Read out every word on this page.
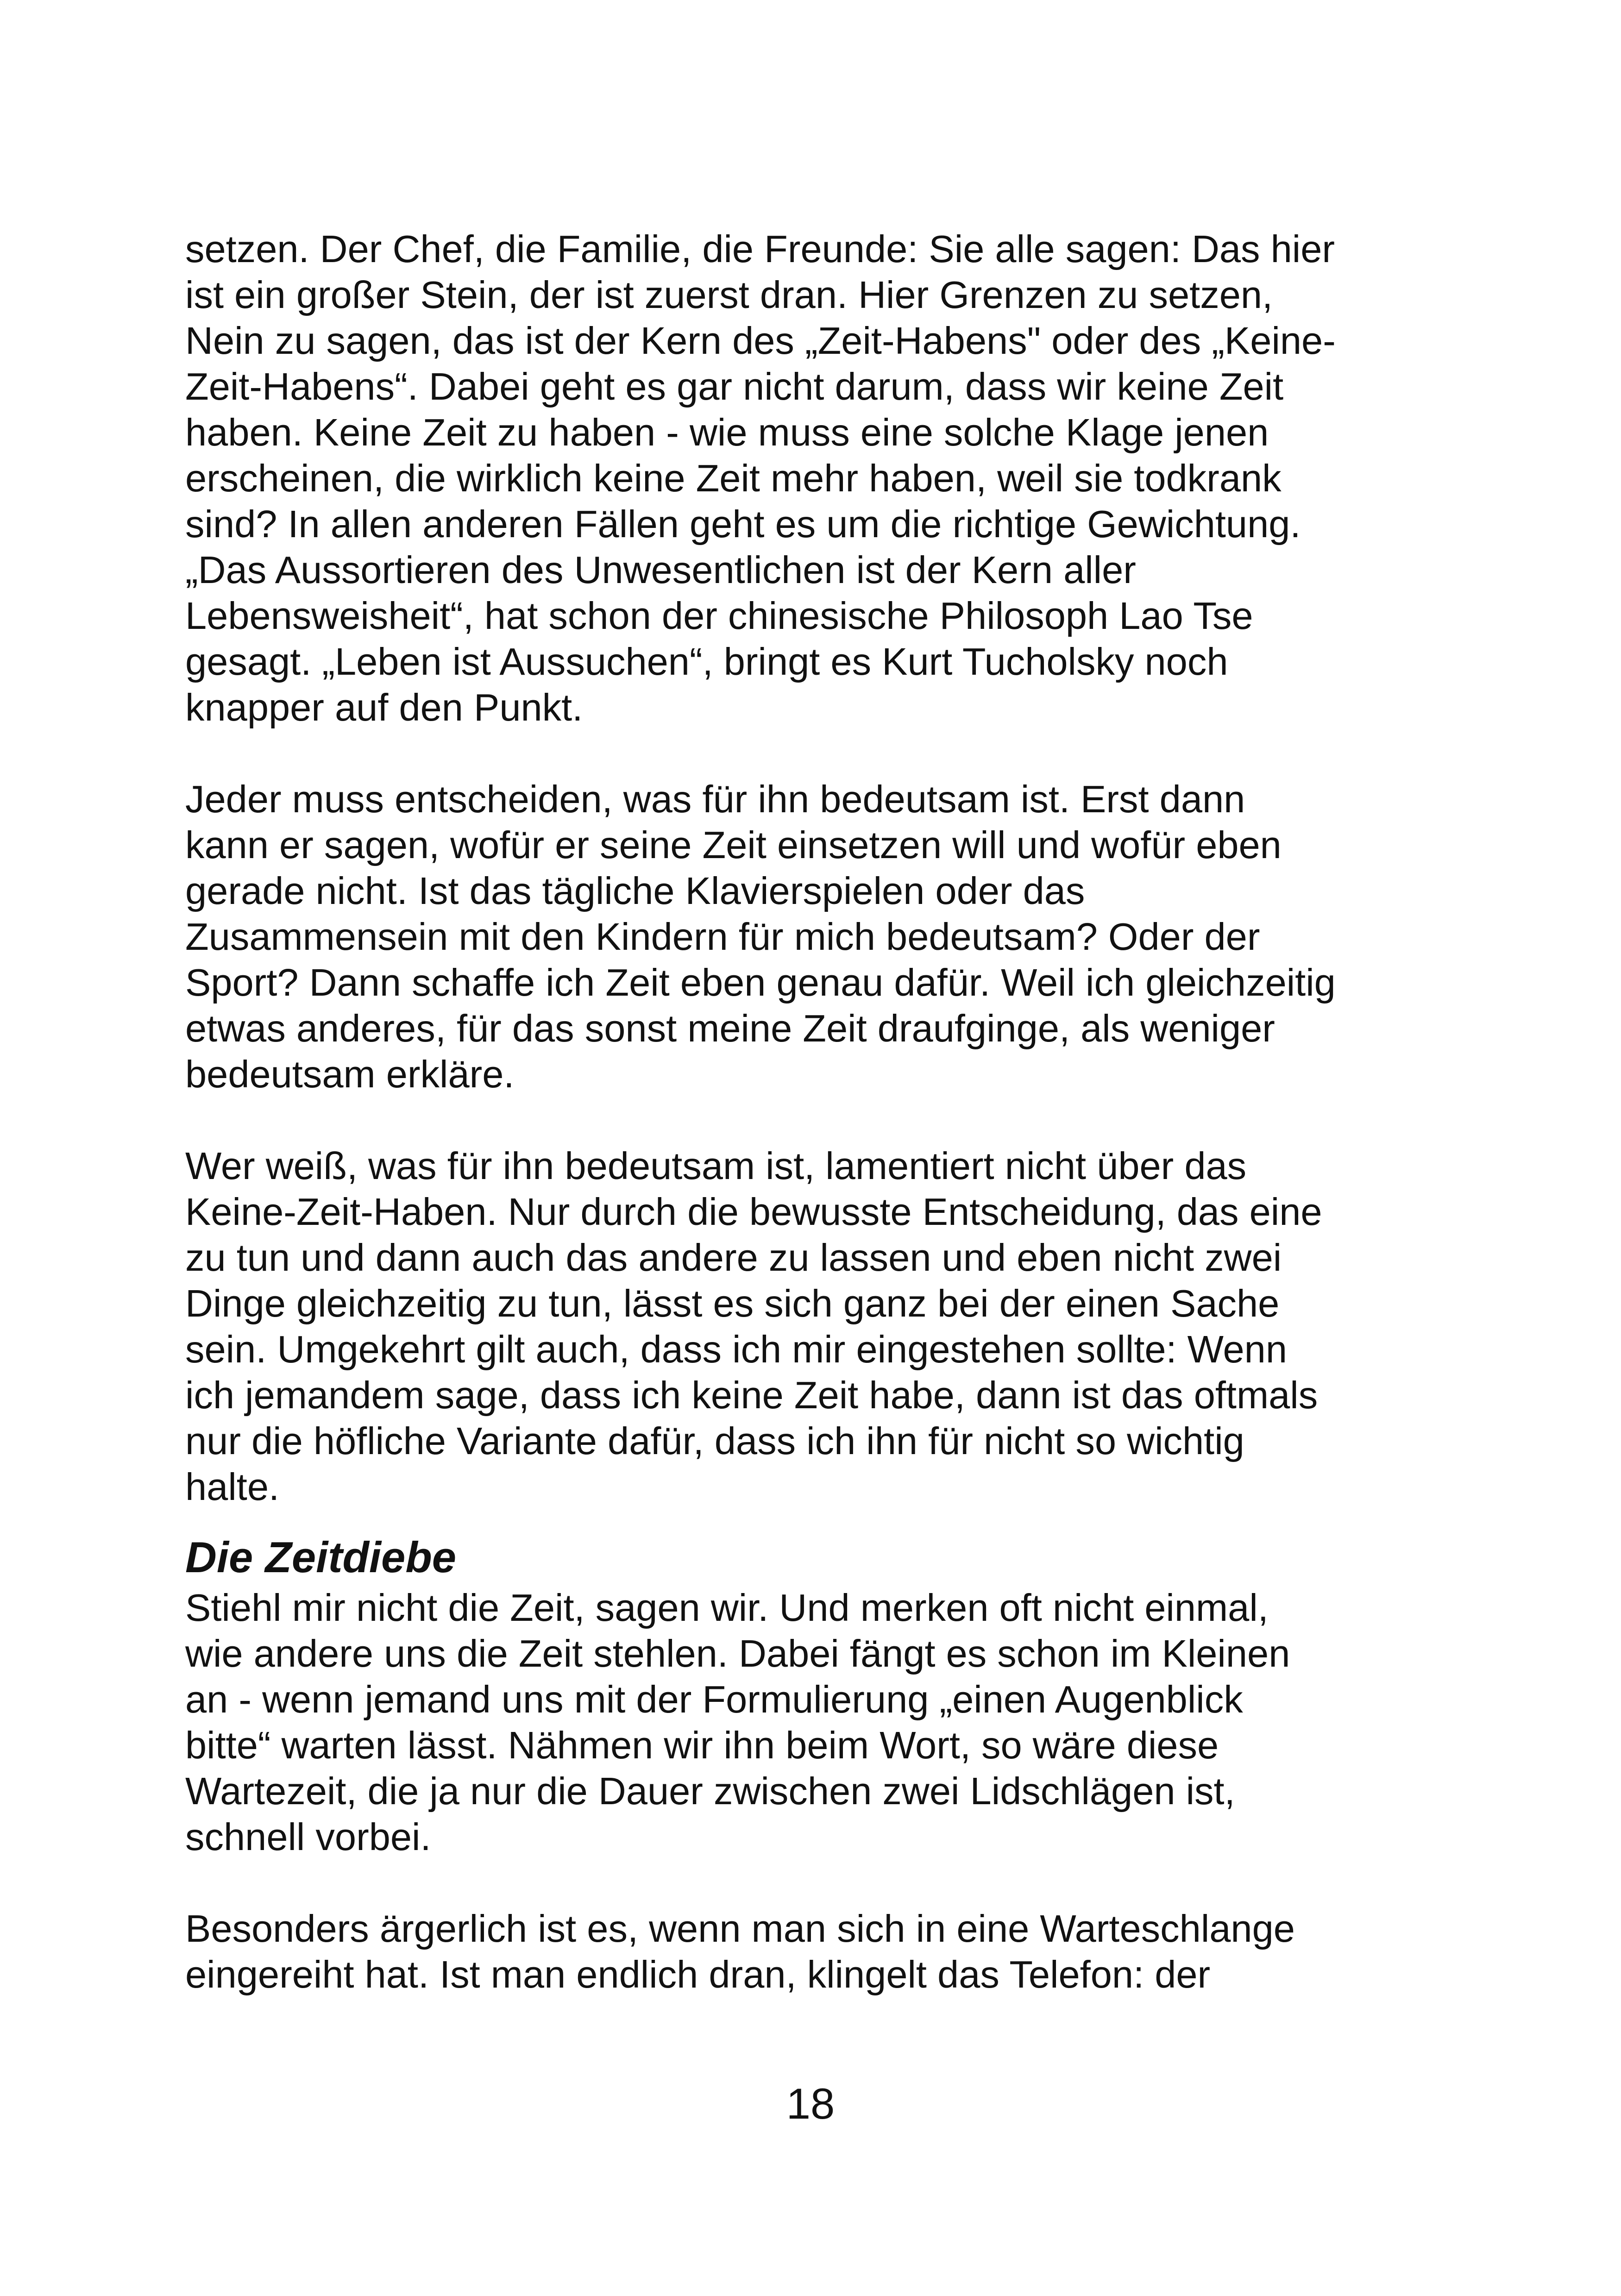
setzen. Der Chef, die Familie, die Freunde: Sie alle sagen: Das hier
ist ein großer Stein, der ist zuerst dran. Hier Grenzen zu setzen,
Nein zu sagen, das ist der Kern des „Zeit-Habens" oder des „Keine-
Zeit-Habens“. Dabei geht es gar nicht darum, dass wir keine Zeit
haben. Keine Zeit zu haben - wie muss eine solche Klage jenen
erscheinen, die wirklich keine Zeit mehr haben, weil sie todkrank
sind? In allen anderen Fällen geht es um die richtige Gewichtung.
„Das Aussortieren des Unwesentlichen ist der Kern aller
Lebensweisheit“, hat schon der chinesische Philosoph Lao Tse
gesagt. „Leben ist Aussuchen“, bringt es Kurt Tucholsky noch
knapper auf den Punkt.

Jeder muss entscheiden, was für ihn bedeutsam ist. Erst dann
kann er sagen, wofür er seine Zeit einsetzen will und wofür eben
gerade nicht. Ist das tägliche Klavierspielen oder das
Zusammensein mit den Kindern für mich bedeutsam? Oder der
Sport? Dann schaffe ich Zeit eben genau dafür. Weil ich gleichzeitig
etwas anderes, für das sonst meine Zeit draufginge, als weniger
bedeutsam erkläre.

Wer weiß, was für ihn bedeutsam ist, lamentiert nicht über das
Keine-Zeit-Haben. Nur durch die bewusste Entscheidung, das eine
zu tun und dann auch das andere zu lassen und eben nicht zwei
Dinge gleichzeitig zu tun, lässt es sich ganz bei der einen Sache
sein. Umgekehrt gilt auch, dass ich mir eingestehen sollte: Wenn
ich jemandem sage, dass ich keine Zeit habe, dann ist das oftmals
nur die höfliche Variante dafür, dass ich ihn für nicht so wichtig
halte.

Die Zeitdiebe

Stiehl mir nicht die Zeit, sagen wir. Und merken oft nicht einmal,
wie andere uns die Zeit stehlen. Dabei fängt es schon im Kleinen
an - wenn jemand uns mit der Formulierung „einen Augenblick
bitte“ warten lässt. Nähmen wir ihn beim Wort, so wäre diese
Wartezeit, die ja nur die Dauer zwischen zwei Lidschlägen ist,
schnell vorbei.

Besonders ärgerlich ist es, wenn man sich in eine Warteschlange
eingereiht hat. Ist man endlich dran, klingelt das Telefon: der

18
